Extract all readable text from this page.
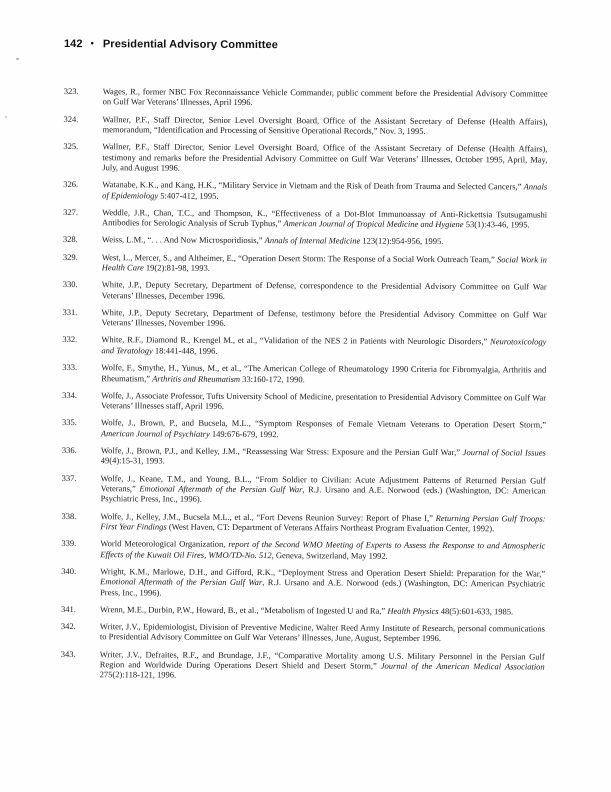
142 • Presidential Advisory Committee
323.	Wages, R., former NBC Fox Reconnaissance Vehicle Commander, public comment before the Presidential Advisory Committee on Gulf War Veterans’ Illnesses, April 1996.
324.	Wallner, P.F., Staff Director, Senior Level Oversight Board, Office of the Assistant Secretary of Defense (Health Affairs), memorandum, “Identification and Processing of Sensitive Operational Records,” Nov. 3, 1995.
325.	Wallner, P.F., Staff Director, Senior Level Oversight Board, Office of the Assistant Secretary of Defense (Health Affairs), testimony and remarks before the Presidential Advisory Committee on Gulf War Veterans’ Illnesses, October 1995, April, May, July, and August 1996.
326.	Watanabe, K.K., and Kang, H.K., “Military Service in Vietnam and the Risk of Death from Trauma and Selected Cancers,” Annals of Epidemiology 5:407-412, 1995.
327.	Weddle, J.R., Chan, T.C., and Thompson, K., “Effectiveness of a Dot-Blot Immunoassay of Anti-Rickettsia Tsutsugamushi Antibodies for Serologic Analysis of Scrub Typhus,” American Journal of Tropical Medicine and Hygiene 53(1):43-46, 1995.
328.	Weiss, L.M., “. . . And Now Microsporidiosis,” Annals of Internal Medicine 123(12):954-956, 1995.
329.	West, L., Mercer, S., and Altheimer, E., “Operation Desert Storm: The Response of a Social Work Outreach Team,” Social Work in Health Care 19(2):81-98, 1993.
330.	White, J.P., Deputy Secretary, Department of Defense, correspondence to the Presidential Advisory Committee on Gulf War Veterans’ Illnesses, December 1996.
331.	White, J.P., Deputy Secretary, Department of Defense, testimony before the Presidential Advisory Committee on Gulf War Veterans’ Illnesses, November 1996.
332.	White, R.F., Diamond R., Krengel M., et al., “Validation of the NES 2 in Patients with Neurologic Disorders,” Neurotoxicology and Teratology 18:441-448, 1996.
333.	Wolfe, F., Smythe, H., Yunus, M., et al., “The American College of Rheumatology 1990 Criteria for Fibromyalgia, Arthritis and Rheumatism,” Arthritis and Rheumatism 33:160-172, 1990.
334.	Wolfe, J., Associate Professor, Tufts University School of Medicine, presentation to Presidential Advisory Committee on Gulf War Veterans’ Illnesses staff, April 1996.
335.	Wolfe, J., Brown, P., and Bucsela, M.L., “Symptom Responses of Female Vietnam Veterans to Operation Desert Storm,” American Journal of Psychiatry 149:676-679, 1992.
336.	Wolfe, J., Brown, P.J., and Kelley, J.M., “Reassessing War Stress: Exposure and the Persian Gulf War,” Journal of Social Issues 49(4):15-31, 1993.
337.	Wolfe, J., Keane, T.M., and Young, B.L., “From Soldier to Civilian: Acute Adjustment Patterns of Returned Persian Gulf Veterans,” Emotional Aftermath of the Persian Gulf War, R.J. Ursano and A.E. Norwood (eds.) (Washington, DC: American Psychiatric Press, Inc., 1996).
338.	Wolfe, J., Kelley, J.M., Bucsela M.L., et al., “Fort Devens Reunion Survey: Report of Phase I,” Returning Persian Gulf Troops: First Year Findings (West Haven, CT: Department of Veterans Affairs Northeast Program Evaluation Center, 1992).
339.	World Meteorological Organization, report of the Second WMO Meeting of Experts to Assess the Response to and Atmospheric Effects of the Kuwait Oil Fires, WMO/TD-No. 512, Geneva, Switzerland, May 1992.
340.	Wright, K.M., Marlowe, D.H., and Gifford, R.K., “Deployment Stress and Operation Desert Shield: Preparation for the War,” Emotional Aftermath of the Persian Gulf War, R.J. Ursano and A.E. Norwood (eds.) (Washington, DC: American Psychiatric Press, Inc., 1996).
341.	Wrenn, M.E., Durbin, P.W., Howard, B., et al., “Metabolism of Ingested U and Ra,” Health Physics 48(5):601-633, 1985.
342.	Writer, J.V., Epidemiologist, Division of Preventive Medicine, Walter Reed Army Institute of Research, personal communications to Presidential Advisory Committee on Gulf War Veterans’ Illnesses, June, August, September 1996.
343.	Writer, J.V., Defraites, R.F., and Brundage, J.F., “Comparative Mortality among U.S. Military Personnel in the Persian Gulf Region and Worldwide During Operations Desert Shield and Desert Storm,” Journal of the American Medical Association 275(2):118-121, 1996.
